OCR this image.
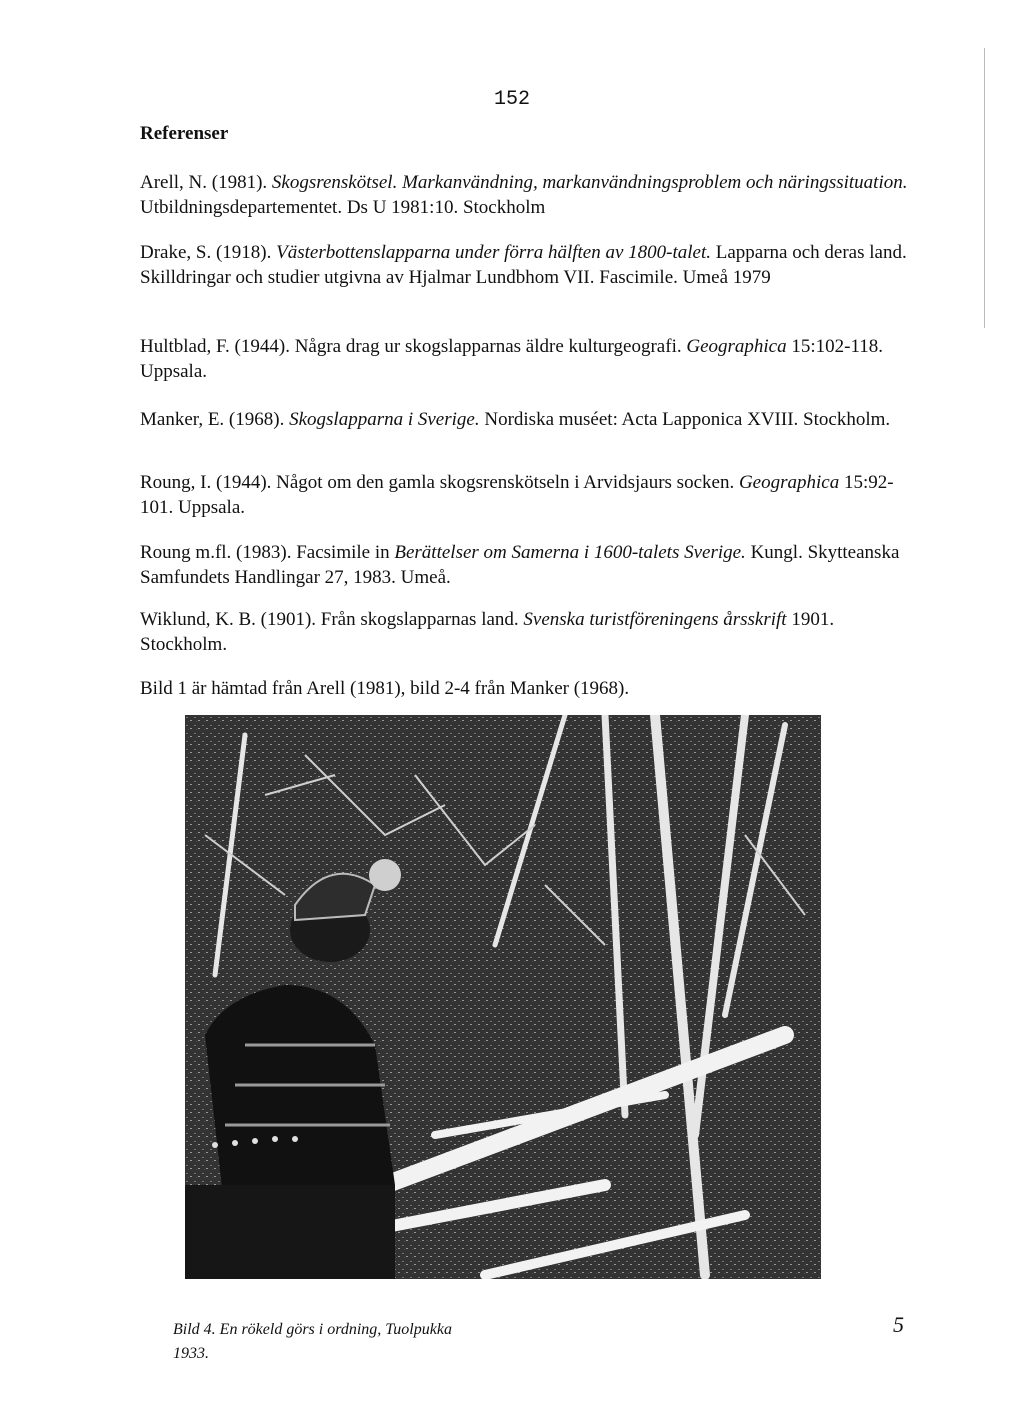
152
Referenser
Arell, N. (1981). Skogsrenskötsel. Markanvändning, markanvändningsproblem och näringssituation. Utbildningsdepartementet. Ds U 1981:10. Stockholm
Drake, S. (1918). Västerbottenslapparna under förra hälften av 1800-talet. Lapparna och deras land. Skilldringar och studier utgivna av Hjalmar Lundbhom VII. Fascimile. Umeå 1979
Hultblad, F. (1944). Några drag ur skogslapparnas äldre kulturgeografi. Geographica 15:102-118. Uppsala.
Manker, E. (1968). Skogslapparna i Sverige. Nordiska muséet: Acta Lapponica XVIII. Stockholm.
Roung, I. (1944). Något om den gamla skogsrenskötseln i Arvidsjaurs socken. Geographica 15:92-101. Uppsala.
Roung m.fl. (1983). Facsimile in Berättelser om Samerna i 1600-talets Sverige. Kungl. Skytteanska Samfundets Handlingar 27, 1983. Umeå.
Wiklund, K. B. (1901). Från skogslapparnas land. Svenska turistföreningens årsskrift 1901. Stockholm.
Bild 1 är hämtad från Arell (1981), bild 2-4 från Manker (1968).
Bild 4. En rökeld görs i ordning, Tuolpukka
1933.
5
